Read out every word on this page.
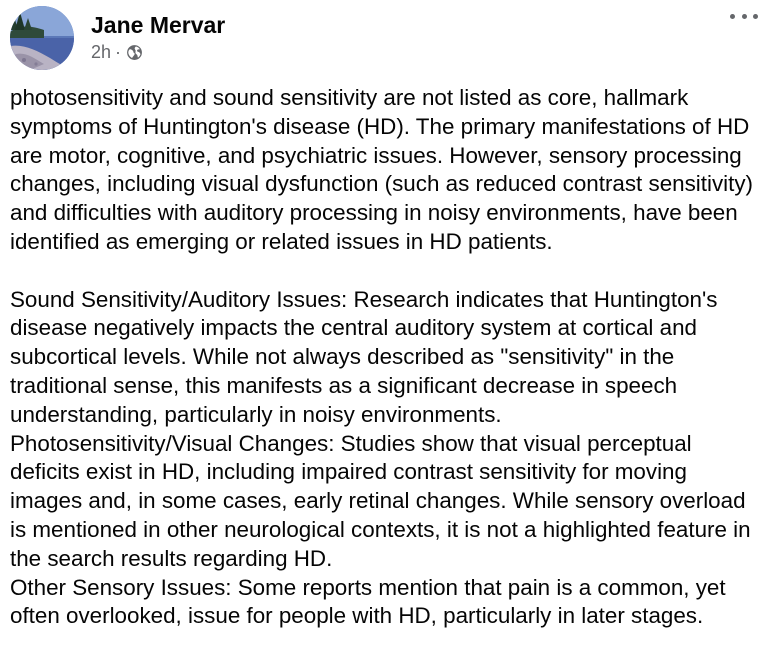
Jane Mervar
2h ·

photosensitivity and sound sensitivity are not listed as core, hallmark symptoms of Huntington's disease (HD). The primary manifestations of HD are motor, cognitive, and psychiatric issues. However, sensory processing changes, including visual dysfunction (such as reduced contrast sensitivity) and difficulties with auditory processing in noisy environments, have been identified as emerging or related issues in HD patients.

Sound Sensitivity/Auditory Issues: Research indicates that Huntington's disease negatively impacts the central auditory system at cortical and subcortical levels. While not always described as "sensitivity" in the traditional sense, this manifests as a significant decrease in speech understanding, particularly in noisy environments.

Photosensitivity/Visual Changes: Studies show that visual perceptual deficits exist in HD, including impaired contrast sensitivity for moving images and, in some cases, early retinal changes. While sensory overload is mentioned in other neurological contexts, it is not a highlighted feature in the search results regarding HD.

Other Sensory Issues: Some reports mention that pain is a common, yet often overlooked, issue for people with HD, particularly in later stages.
